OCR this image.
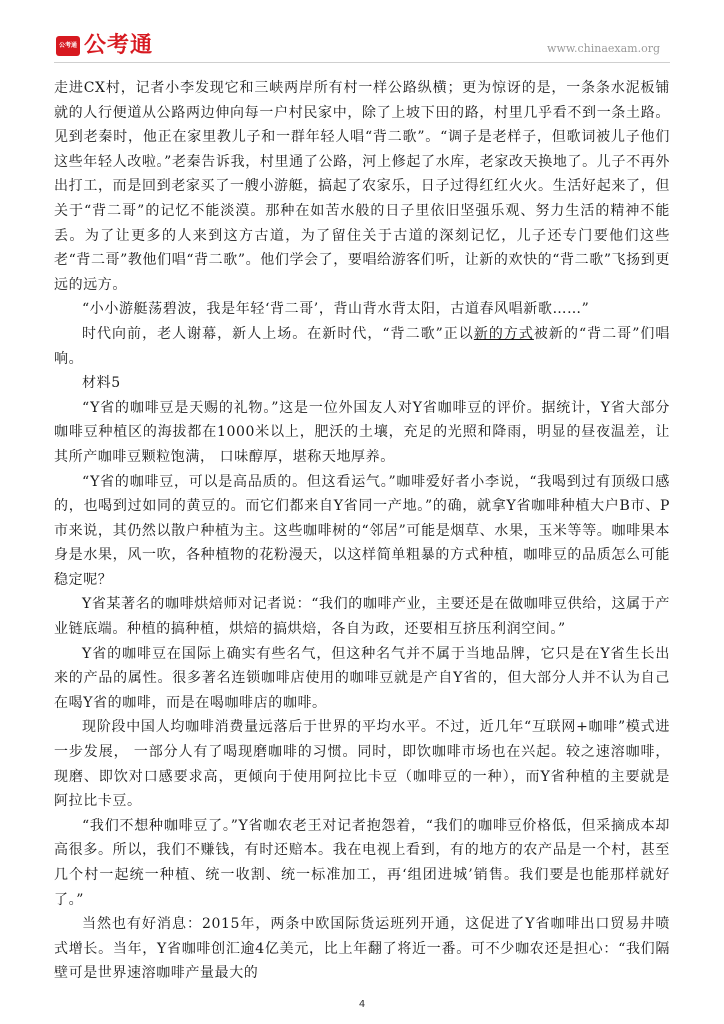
公考通 公考通	www.chinaexam.org

走进CX村，记者小李发现它和三峡两岸所有村一样公路纵横；更为惊讶的是，一条条水泥板铺就的人行便道从公路两边伸向每一户村民家中，除了上坡下田的路，村里几乎看不到一条土路。见到老秦时，他正在家里教儿子和一群年轻人唱“背二歌”。“调子是老样子，但歌词被儿子他们这些年轻人改啦。”老秦告诉我，村里通了公路，河上修起了水库，老家改天换地了。儿子不再外出打工，而是回到老家买了一艘小游艇，搞起了农家乐，日子过得红红火火。生活好起来了，但关于“背二哥”的记忆不能淡漠。那种在如苦水般的日子里依旧坚强乐观、努力生活的精神不能丢。为了让更多的人来到这方古道，为了留住关于古道的深刻记忆，儿子还专门要他们这些老“背二哥”教他们唱“背二歌”。他们学会了，要唱给游客们听，让新的欢快的“背二歌”飞扬到更远的远方。

“小小游艇荡碧波，我是年轻‘背二哥’，背山背水背太阳，古道春风唱新歌……”

时代向前，老人谢幕，新人上场。在新时代，“背二歌”正以新的方式被新的“背二哥”们唱响。

材料5

“Y省的咖啡豆是天赐的礼物。”这是一位外国友人对Y省咖啡豆的评价。据统计，Y省大部分咖啡豆种植区的海拔都在1000米以上，肥沃的土壤，充足的光照和降雨，明显的昼夜温差，让其所产咖啡豆颗粒饱满， 口味醇厚，堪称天地厚养。

“Y省的咖啡豆，可以是高品质的。但这看运气。”咖啡爱好者小李说，“我喝到过有顶级口感的，也喝到过如同的黄豆的。而它们都来自Y省同一产地。”的确，就拿Y省咖啡种植大户B市、P市来说，其仍然以散户种植为主。这些咖啡树的“邻居”可能是烟草、水果，玉米等等。咖啡果本身是水果，风一吹，各种植物的花粉漫天，以这样简单粗暴的方式种植，咖啡豆的品质怎么可能稳定呢？

Y省某著名的咖啡烘焙师对记者说：“我们的咖啡产业，主要还是在做咖啡豆供给，这属于产业链底端。种植的搞种植，烘焙的搞烘焙，各自为政，还要相互挤压利润空间。”

Y省的咖啡豆在国际上确实有些名气，但这种名气并不属于当地品牌，它只是在Y省生长出来的产品的属性。很多著名连锁咖啡店使用的咖啡豆就是产自Y省的，但大部分人并不认为自己在喝Y省的咖啡，而是在喝咖啡店的咖啡。

现阶段中国人均咖啡消费量远落后于世界的平均水平。不过，近几年“互联网+咖啡”模式进一步发展， 一部分人有了喝现磨咖啡的习惯。同时，即饮咖啡市场也在兴起。较之速溶咖啡，现磨、即饮对口感要求高，更倾向于使用阿拉比卡豆（咖啡豆的一种），而Y省种植的主要就是阿拉比卡豆。

“我们不想种咖啡豆了。”Y省咖农老王对记者抱怨着，“我们的咖啡豆价格低，但采摘成本却高很多。所以，我们不赚钱，有时还赔本。我在电视上看到，有的地方的农产品是一个村，甚至几个村一起统一种植、统一收割、统一标准加工，再‘组团进城’销售。我们要是也能那样就好了。”

当然也有好消息：2015年，两条中欧国际货运班列开通，这促进了Y省咖啡出口贸易井喷式增长。当年，Y省咖啡创汇逾4亿美元，比上年翻了将近一番。可不少咖农还是担心：“我们隔壁可是世界速溶咖啡产量最大的

4
